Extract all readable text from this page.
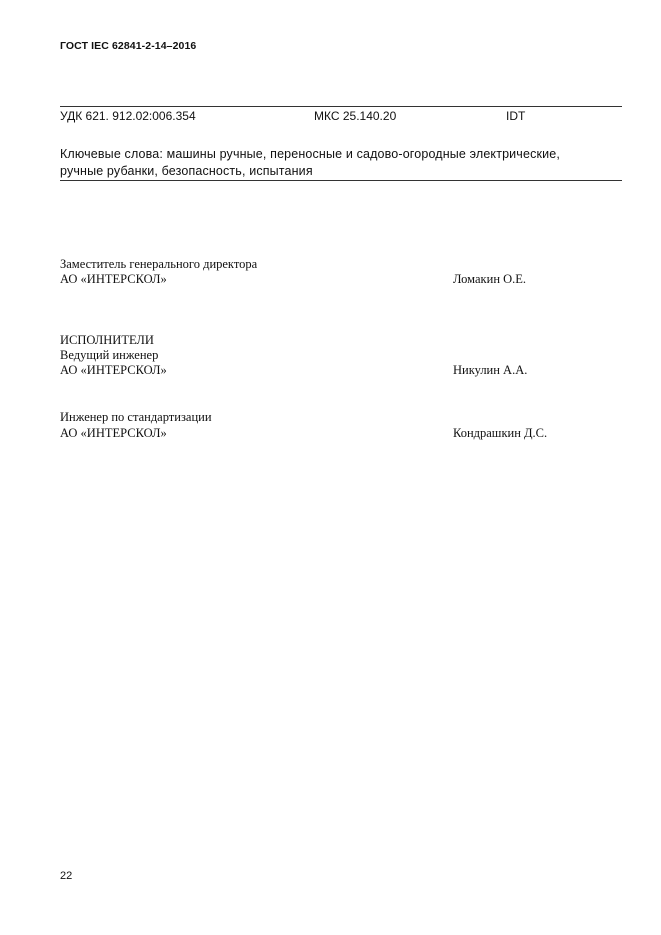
ГОСТ IEC 62841-2-14–2016
УДК 621. 912.02:006.354	МКС 25.140.20	IDT
Ключевые слова: машины ручные, переносные и садово-огородные электрические,
ручные рубанки, безопасность, испытания
Заместитель генерального директора
АО «ИНТЕРСКОЛ»	Ломакин О.Е.
ИСПОЛНИТЕЛИ
Ведущий инженер
АО «ИНТЕРСКОЛ»	Никулин А.А.
Инженер по стандартизации
АО «ИНТЕРСКОЛ»	Кондрашкин Д.С.
22
